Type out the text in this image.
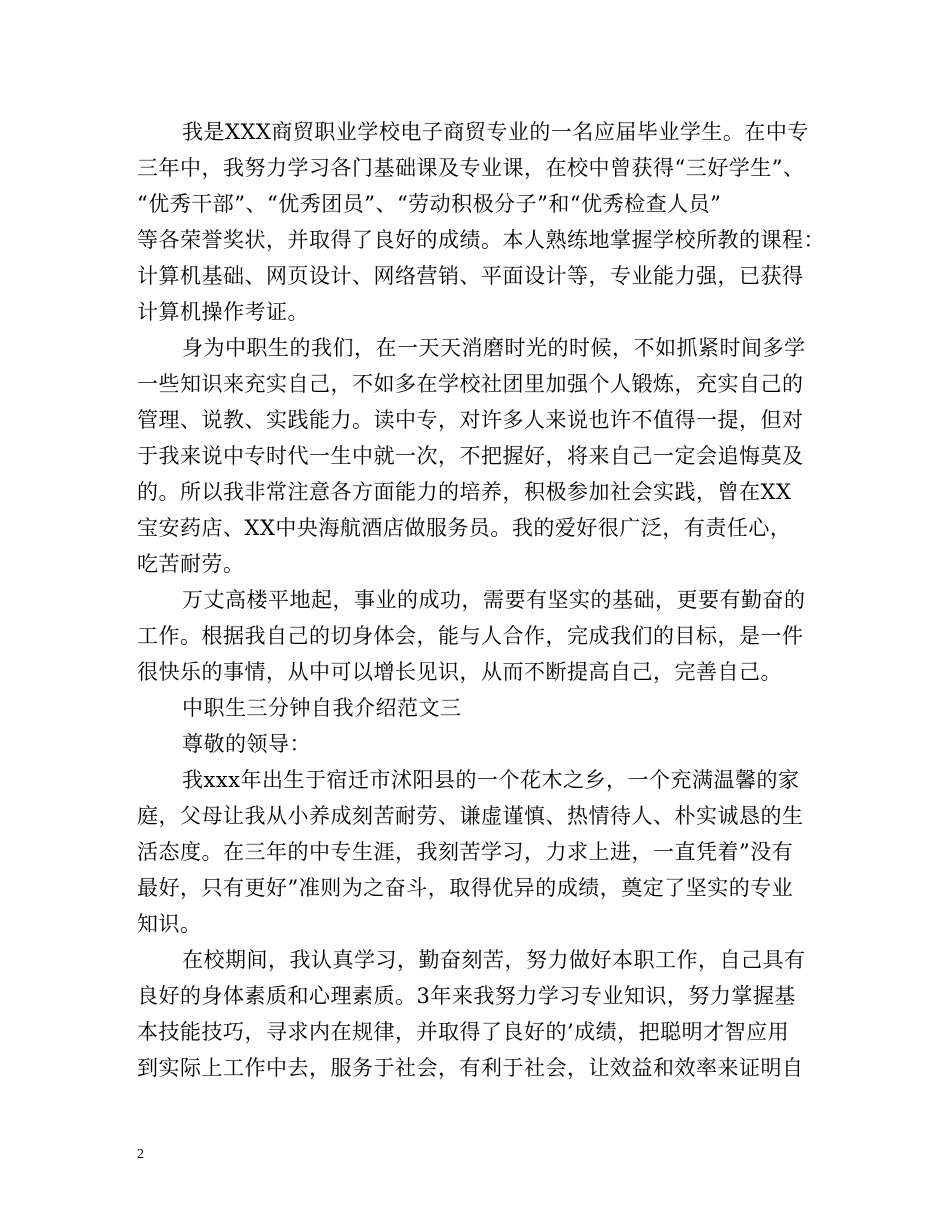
我是XXX商贸职业学校电子商贸专业的一名应届毕业学生。在中专
三年中，我努力学习各门基础课及专业课，在校中曾获得“三好学生”、
“优秀干部”、“优秀团员”、“劳动积极分子”和“优秀检查人员”
等各荣誉奖状，并取得了良好的成绩。本人熟练地掌握学校所教的课程：
计算机基础、网页设计、网络营销、平面设计等，专业能力强，已获得
计算机操作考证。
身为中职生的我们，在一天天消磨时光的时候，不如抓紧时间多学
一些知识来充实自己，不如多在学校社团里加强个人锻炼，充实自己的
管理、说教、实践能力。读中专，对许多人来说也许不值得一提，但对
于我来说中专时代一生中就一次，不把握好，将来自己一定会追悔莫及
的。所以我非常注意各方面能力的培养，积极参加社会实践，曾在XX
宝安药店、XX中央海航酒店做服务员。我的爱好很广泛，有责任心，
吃苦耐劳。
万丈高楼平地起，事业的成功，需要有坚实的基础，更要有勤奋的
工作。根据我自己的切身体会，能与人合作，完成我们的目标，是一件
很快乐的事情，从中可以增长见识，从而不断提高自己，完善自己。
中职生三分钟自我介绍范文三
尊敬的领导：
我xxx年出生于宿迁市沭阳县的一个花木之乡，一个充满温馨的家
庭，父母让我从小养成刻苦耐劳、谦虚谨慎、热情待人、朴实诚恳的生
活态度。在三年的中专生涯，我刻苦学习，力求上进，一直凭着”没有
最好，只有更好”准则为之奋斗，取得优异的成绩，奠定了坚实的专业
知识。
在校期间，我认真学习，勤奋刻苦，努力做好本职工作，自己具有
良好的身体素质和心理素质。3年来我努力学习专业知识，努力掌握基
本技能技巧，寻求内在规律，并取得了良好的’成绩，把聪明才智应用
到实际上工作中去，服务于社会，有利于社会，让效益和效率来证明自
2
